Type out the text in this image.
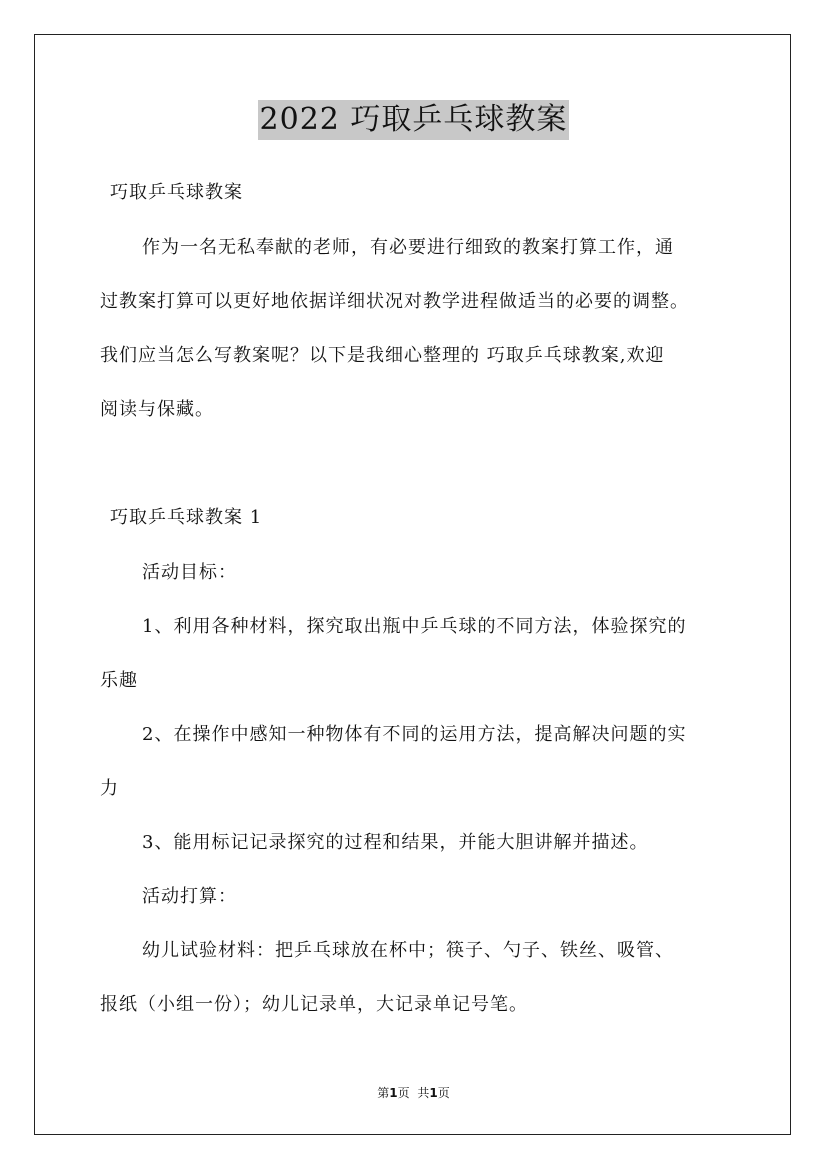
2022 巧取乒乓球教案
巧取乒乓球教案
作为一名无私奉献的老师，有必要进行细致的教案打算工作，通
过教案打算可以更好地依据详细状况对教学进程做适当的必要的调整。
我们应当怎么写教案呢？以下是我细心整理的 巧取乒乓球教案,欢迎
阅读与保藏。
巧取乒乓球教案 1
活动目标：
1、利用各种材料，探究取出瓶中乒乓球的不同方法，体验探究的
乐趣
2、在操作中感知一种物体有不同的运用方法，提高解决问题的实
力
3、能用标记记录探究的过程和结果，并能大胆讲解并描述。
活动打算：
幼儿试验材料：把乒乓球放在杯中；筷子、勺子、铁丝、吸管、
报纸（小组一份）；幼儿记录单，大记录单记号笔。
第1页 共1页
